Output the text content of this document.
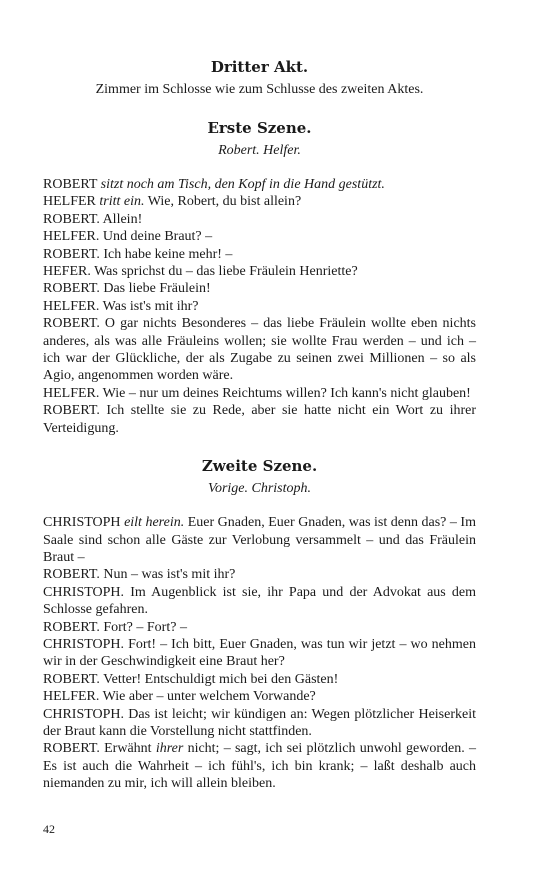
Dritter Akt.
Zimmer im Schlosse wie zum Schlusse des zweiten Aktes.
Erste Szene.
Robert. Helfer.

ROBERT sitzt noch am Tisch, den Kopf in die Hand gestützt.

HELFER tritt ein. Wie, Robert, du bist allein?

ROBERT. Allein!

HELFER. Und deine Braut? –

ROBERT. Ich habe keine mehr! –

HEFER. Was sprichst du – das liebe Fräulein Henriette?

ROBERT. Das liebe Fräulein!

HELFER. Was ist's mit ihr?

ROBERT. O gar nichts Besonderes – das liebe Fräulein wollte eben nichts anderes, als was alle Fräuleins wollen; sie wollte Frau werden – und ich – ich war der Glückliche, der als Zugabe zu seinen zwei Millionen – so als Agio, angenommen worden wäre.

HELFER. Wie – nur um deines Reichtums willen? Ich kann's nicht glauben!

ROBERT. Ich stellte sie zu Rede, aber sie hatte nicht ein Wort zu ihrer Verteidigung.

Zweite Szene.
Vorige. Christoph.

CHRISTOPH eilt herein. Euer Gnaden, Euer Gnaden, was ist denn das? – Im Saale sind schon alle Gäste zur Verlobung versammelt – und das Fräulein Braut –

ROBERT. Nun – was ist's mit ihr?

CHRISTOPH. Im Augenblick ist sie, ihr Papa und der Advokat aus dem Schlosse gefahren.

ROBERT. Fort? – Fort? –

CHRISTOPH. Fort! – Ich bitt, Euer Gnaden, was tun wir jetzt – wo nehmen wir in der Geschwindigkeit eine Braut her?

ROBERT. Vetter! Entschuldigt mich bei den Gästen!

HELFER. Wie aber – unter welchem Vorwande?

CHRISTOPH. Das ist leicht; wir kündigen an: Wegen plötzlicher Heiserkeit der Braut kann die Vorstellung nicht stattfinden.

ROBERT. Erwähnt ihrer nicht; – sagt, ich sei plötzlich unwohl geworden. – Es ist auch die Wahrheit – ich fühl's, ich bin krank; – laßt deshalb auch niemanden zu mir, ich will allein bleiben.

42
